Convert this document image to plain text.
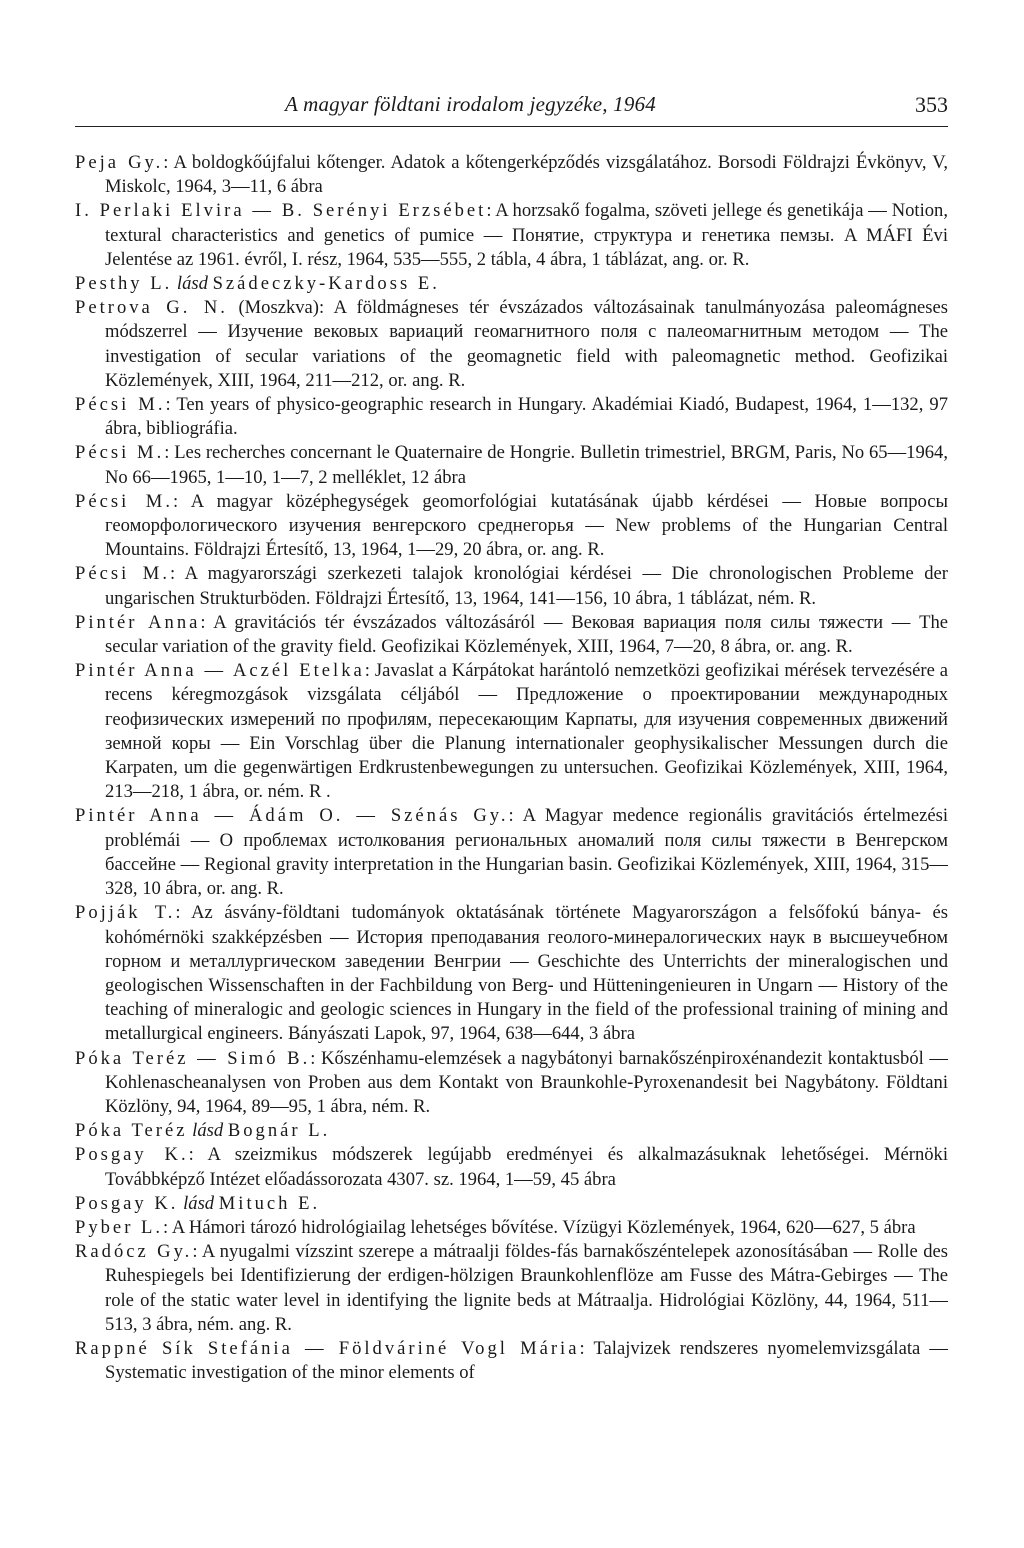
A magyar földtani irodalom jegyzéke, 1964	353

Peja Gy.: A boldogkőújfalui kőtenger. Adatok a kőtengerképződés vizsgálatához. Borsodi Földrajzi Évkönyv, V, Miskolc, 1964, 3—11, 6 ábra

I. Perlaki Elvira — B. Serényi Erzsébet: A horzsakő fogalma, szöveti jellege és genetikája — Notion, textural characteristics and genetics of pumice — Понятие, структура и генетика пемзы. A MÁFI Évi Jelentése az 1961. évről, I. rész, 1964, 535—555, 2 tábla, 4 ábra, 1 táblázat, ang. or. R.

Pesthy L. lásd Szádeczky-Kardoss E.

Petrova G. N. (Moszkva): A földmágneses tér évszázados változásainak tanulmányozása paleomágneses módszerrel — Изучение вековых вариаций геомагнитного поля с палеомагнитным методом — The investigation of secular variations of the geomagnetic field with paleomagnetic method. Geofizikai Közlemények, XIII, 1964, 211—212, or. ang. R.

Pécsi M.: Ten years of physico-geographic research in Hungary. Akadémiai Kiadó, Budapest, 1964, 1—132, 97 ábra, bibliográfia.

Pécsi M.: Les recherches concernant le Quaternaire de Hongrie. Bulletin trimestriel, BRGM, Paris, No 65—1964, No 66—1965, 1—10, 1—7, 2 melléklet, 12 ábra

Pécsi M.: A magyar középhegységek geomorfológiai kutatásának újabb kérdései — Новые вопросы геоморфологического изучения венгерского среднегорья — New problems of the Hungarian Central Mountains. Földrajzi Értesítő, 13, 1964, 1—29, 20 ábra, or. ang. R.

Pécsi M.: A magyarországi szerkezeti talajok kronológiai kérdései — Die chronologischen Probleme der ungarischen Strukturböden. Földrajzi Értesítő, 13, 1964, 141—156, 10 ábra, 1 táblázat, ném. R.

Pintér Anna: A gravitációs tér évszázados változásáról — Вековая вариация поля силы тяжести — The secular variation of the gravity field. Geofizikai Közlemények, XIII, 1964, 7—20, 8 ábra, or. ang. R.

Pintér Anna — Aczél Etelka: Javaslat a Kárpátokat harántoló nemzetközi geofizikai mérések tervezésére a recens kéregmozgások vizsgálata céljából — Предложение о проектировании международных геофизических измерений по профилям, пересекающим Карпаты, для изучения современных движений земной коры — Ein Vorschlag über die Planung internationaler geophysikalischer Messungen durch die Karpaten, um die gegenwärtigen Erdkrustenbewegungen zu untersuchen. Geofizikai Közlemények, XIII, 1964, 213—218, 1 ábra, or. ném. R .

Pintér Anna — Ádám O. — Szénás Gy.: A Magyar medence regionális gravitációs értelmezési problémái — О проблемах истолкования региональных аномалий поля силы тяжести в Венгерском бассейне — Regional gravity interpretation in the Hungarian basin. Geofizikai Közlemények, XIII, 1964, 315—328, 10 ábra, or. ang. R.

Pojják T.: Az ásvány-földtani tudományok oktatásának története Magyarországon a felsőfokú bánya- és kohómérnöki szakképzésben — История преподавания геолого-минералогических наук в высшеучебном горном и металлургическом заведении Венгрии — Geschichte des Unterrichts der mineralogischen und geologischen Wissenschaften in der Fachbildung von Berg- und Hütteningenieuren in Ungarn — History of the teaching of mineralogic and geologic sciences in Hungary in the field of the professional training of mining and metallurgical engineers. Bányászati Lapok, 97, 1964, 638—644, 3 ábra

Póka Teréz — Simó B.: Kőszénhamu-elemzések a nagybátonyi barnakőszénpiroxénandezit kontaktusból — Kohlenascheanalysen von Proben aus dem Kontakt von Braunkohle-Pyroxenandesit bei Nagybátony. Földtani Közlöny, 94, 1964, 89—95, 1 ábra, ném. R.

Póka Teréz lásd Bognár L.

Posgay K.: A szeizmikus módszerek legújabb eredményei és alkalmazásuknak lehetőségei. Mérnöki Továbbképző Intézet előadássorozata 4307. sz. 1964, 1—59, 45 ábra

Posgay K. lásd Mituch E.

Pyber L.: A Hámori tározó hidrológiailag lehetséges bővítése. Vízügyi Közlemények, 1964, 620—627, 5 ábra

Radócz Gy.: A nyugalmi vízszint szerepe a mátraalji földes-fás barnakőszéntelepek azonosításában — Rolle des Ruhespiegels bei Identifizierung der erdigen-hölzigen Braunkohlenflöze am Fusse des Mátra-Gebirges — The role of the static water level in identifying the lignite beds at Mátraalja. Hidrológiai Közlöny, 44, 1964, 511—513, 3 ábra, ném. ang. R.

Rappné Sík Stefánia — Földváriné Vogl Mária: Talajvizek rendszeres nyomelemvizsgálata — Systematic investigation of the minor elements of
